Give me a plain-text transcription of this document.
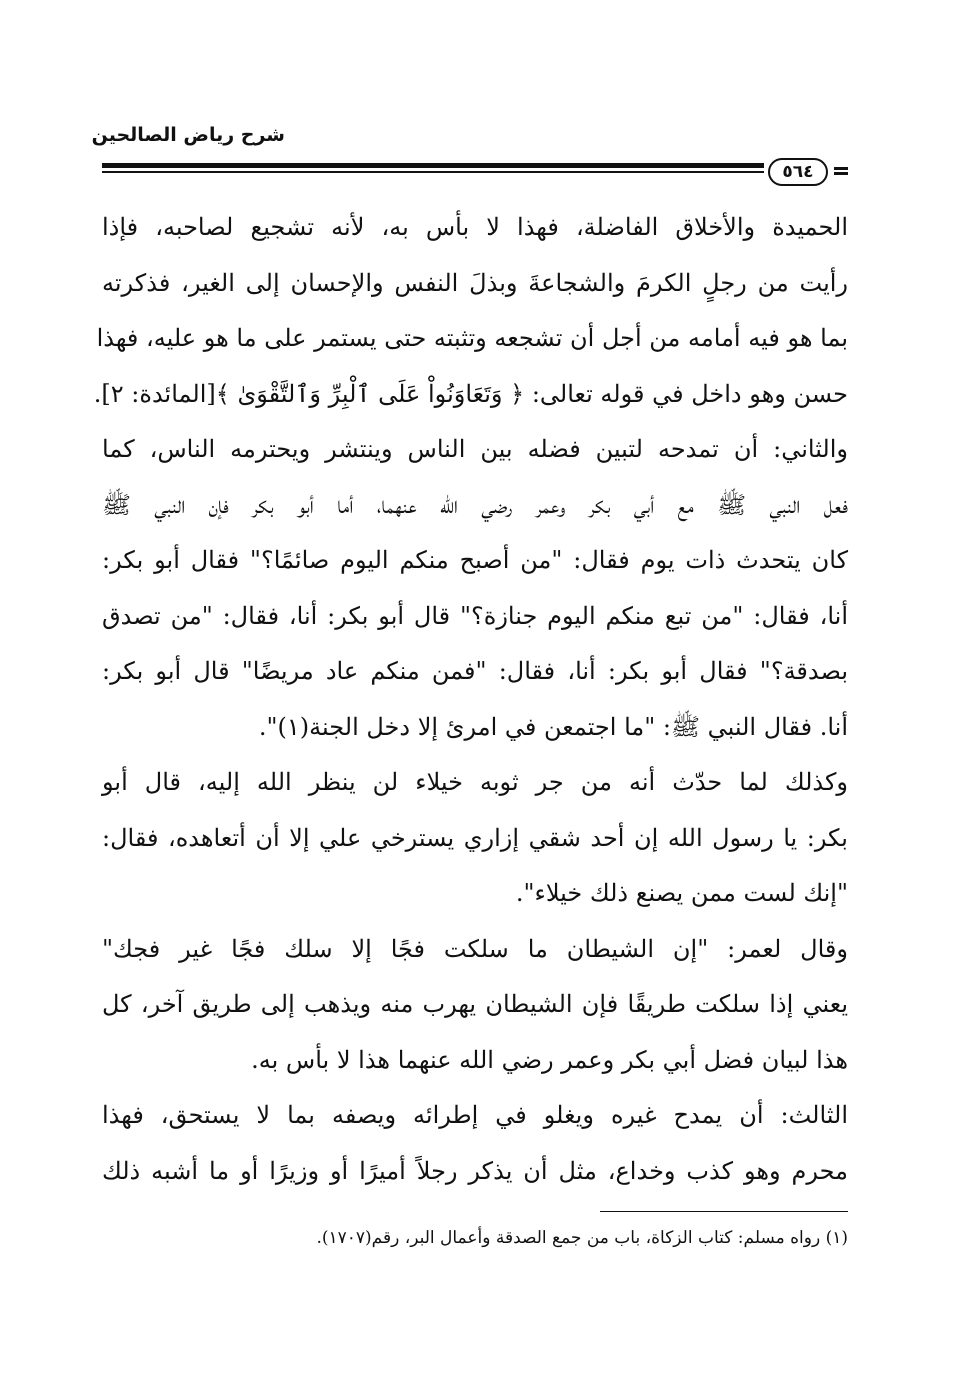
شرح رياض الصالحين
٥٦٤
الحميدة والأخلاق الفاضلة، فهذا لا بأس به، لأنه تشجيع لصاحبه، فإذا
رأيت من رجلٍ الكرمَ والشجاعةَ وبذلَ النفس والإحسان إلى الغير، فذكرته
بما هو فيه أمامه من أجل أن تشجعه وتثبته حتى يستمر على ما هو عليه، فهذا
حسن وهو داخل في قوله تعالى: ﴿ وَتَعَاوَنُواْ عَلَى ٱلْبِرِّ وَٱلتَّقْوَىٰ ﴾[المائدة: ٢].
والثاني: أن تمدحه لتبين فضله بين الناس وينتشر ويحترمه الناس، كما
فعل النبي ﷺ مع أبي بكر وعمر رضي الله عنهما، أما أبو بكر فإن النبي ﷺ
كان يتحدث ذات يوم فقال: "من أصبح منكم اليوم صائمًا؟" فقال أبو بكر:
أنا، فقال: "من تبع منكم اليوم جنازة؟" قال أبو بكر: أنا، فقال: "من تصدق
بصدقة؟" فقال أبو بكر: أنا، فقال: "فمن منكم عاد مريضًا" قال أبو بكر:
أنا. فقال النبي ﷺ: "ما اجتمعن في امرئ إلا دخل الجنة(١)".
وكذلك لما حدّث أنه من جر ثوبه خيلاء لن ينظر الله إليه، قال أبو
بكر: يا رسول الله إن أحد شقي إزاري يسترخي علي إلا أن أتعاهده، فقال:
"إنك لست ممن يصنع ذلك خيلاء".
وقال لعمر: "إن الشيطان ما سلكت فجًا إلا سلك فجًا غير فجك"
يعني إذا سلكت طريقًا فإن الشيطان يهرب منه ويذهب إلى طريق آخر، كل
هذا لبيان فضل أبي بكر وعمر رضي الله عنهما هذا لا بأس به.
الثالث: أن يمدح غيره ويغلو في إطرائه ويصفه بما لا يستحق، فهذا
محرم وهو كذب وخداع، مثل أن يذكر رجلاً أميرًا أو وزيرًا أو ما أشبه ذلك
(١) رواه مسلم: كتاب الزكاة، باب من جمع الصدقة وأعمال البر، رقم(١٧٠٧).
